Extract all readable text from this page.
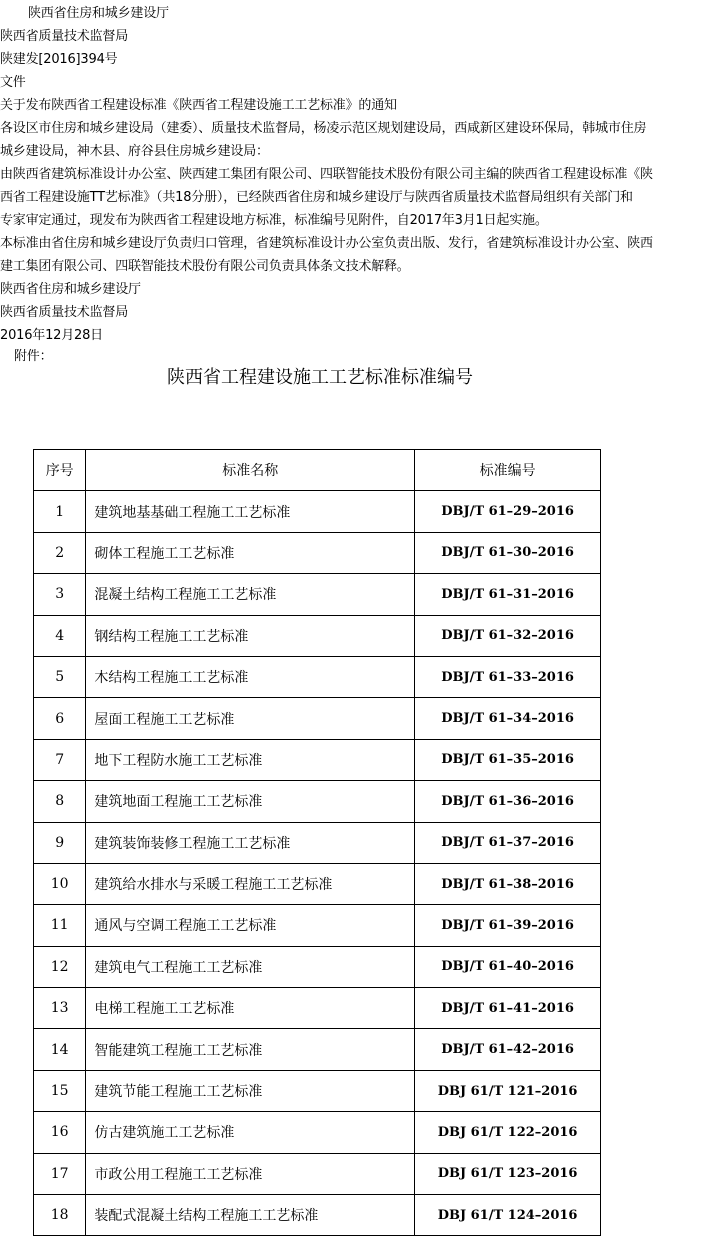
陕西省住房和城乡建设厅
陕西省质量技术监督局
陕建发[2016]394号
文件
关于发布陕西省工程建设标准《陕西省工程建设施工工艺标准》的通知
各设区市住房和城乡建设局（建委）、质量技术监督局，杨凌示范区规划建设局，西咸新区建设环保局，韩城市住房
城乡建设局，神木县、府谷县住房城乡建设局：
由陕西省建筑标准设计办公室、陕西建工集团有限公司、四联智能技术股份有限公司主编的陕西省工程建设标准《陕
西省工程建设施TT艺标准》（共18分册），已经陕西省住房和城乡建设厅与陕西省质量技术监督局组织有关部门和
专家审定通过，现发布为陕西省工程建设地方标准，标准编号见附件，自2017年3月1日起实施。
本标准由省住房和城乡建设厅负责归口管理，省建筑标准设计办公室负责出版、发行，省建筑标准设计办公室、陕西
建工集团有限公司、四联智能技术股份有限公司负责具体条文技术解释。
陕西省住房和城乡建设厅
陕西省质量技术监督局
2016年12月28日
附件：
陕西省工程建设施工工艺标准标准编号
序号	标准名称	标准编号
1	建筑地基基础工程施工工艺标准	DBJ/T 61–29–2016
2	砌体工程施工工艺标准	DBJ/T 61–30–2016
3	混凝土结构工程施工工艺标准	DBJ/T 61–31–2016
4	钢结构工程施工工艺标准	DBJ/T 61–32–2016
5	木结构工程施工工艺标准	DBJ/T 61–33–2016
6	屋面工程施工工艺标准	DBJ/T 61–34–2016
7	地下工程防水施工工艺标准	DBJ/T 61–35–2016
8	建筑地面工程施工工艺标准	DBJ/T 61–36–2016
9	建筑装饰装修工程施工工艺标准	DBJ/T 61–37–2016
10	建筑给水排水与采暖工程施工工艺标准	DBJ/T 61–38–2016
11	通风与空调工程施工工艺标准	DBJ/T 61–39–2016
12	建筑电气工程施工工艺标准	DBJ/T 61–40–2016
13	电梯工程施工工艺标准	DBJ/T 61–41–2016
14	智能建筑工程施工工艺标准	DBJ/T 61–42–2016
15	建筑节能工程施工工艺标准	DBJ 61/T 121–2016
16	仿古建筑施工工艺标准	DBJ 61/T 122–2016
17	市政公用工程施工工艺标准	DBJ 61/T 123–2016
18	装配式混凝土结构工程施工工艺标准	DBJ 61/T 124–2016
